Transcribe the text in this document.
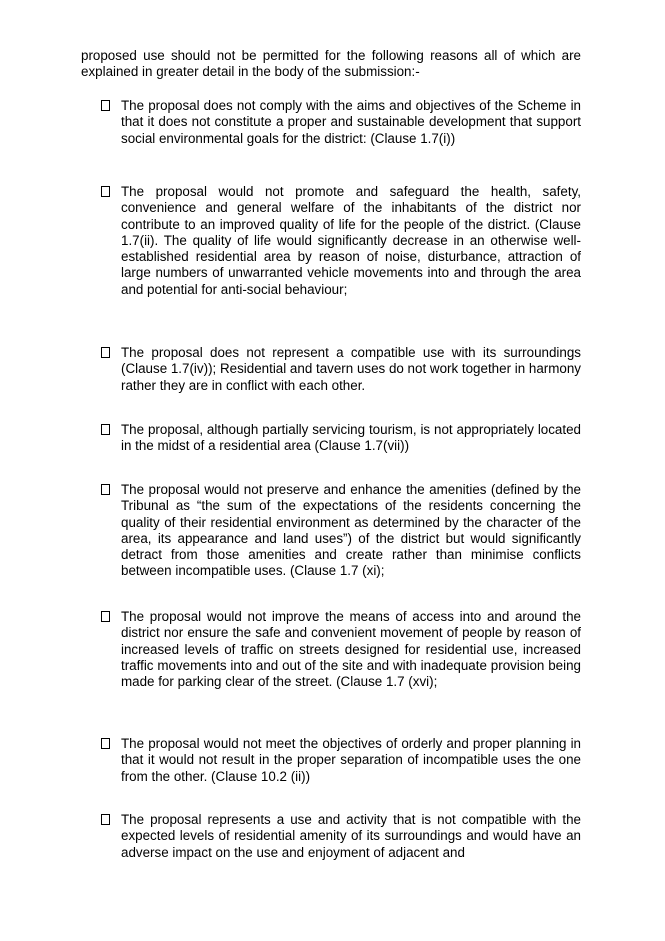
proposed use should not be permitted for the following reasons all of which are explained in greater detail in the body of the submission:-

The proposal does not comply with the aims and objectives of the Scheme in that it does not constitute a proper and sustainable development that support social environmental goals for the district: (Clause 1.7(i))

The proposal would not promote and safeguard the health, safety, convenience and general welfare of the inhabitants of the district nor contribute to an improved quality of life for the people of the district. (Clause 1.7(ii). The quality of life would significantly decrease in an otherwise well-established residential area by reason of noise, disturbance, attraction of large numbers of unwarranted vehicle movements into and through the area and potential for anti-social behaviour;

The proposal does not represent a compatible use with its surroundings (Clause 1.7(iv)); Residential and tavern uses do not work together in harmony rather they are in conflict with each other.

The proposal, although partially servicing tourism, is not appropriately located in the midst of a residential area (Clause 1.7(vii))

The proposal would not preserve and enhance the amenities (defined by the Tribunal as “the sum of the expectations of the residents concerning the quality of their residential environment as determined by the character of the area, its appearance and land uses”) of the district but would significantly detract from those amenities and create rather than minimise conflicts between incompatible uses. (Clause 1.7 (xi);

The proposal would not improve the means of access into and around the district nor ensure the safe and convenient movement of people by reason of increased levels of traffic on streets designed for residential use, increased traffic movements into and out of the site and with inadequate provision being made for parking clear of the street. (Clause 1.7 (xvi);

The proposal would not meet the objectives of orderly and proper planning in that it would not result in the proper separation of incompatible uses the one from the other. (Clause 10.2 (ii))

The proposal represents a use and activity that is not compatible with the expected levels of residential amenity of its surroundings and would have an adverse impact on the use and enjoyment of adjacent and
